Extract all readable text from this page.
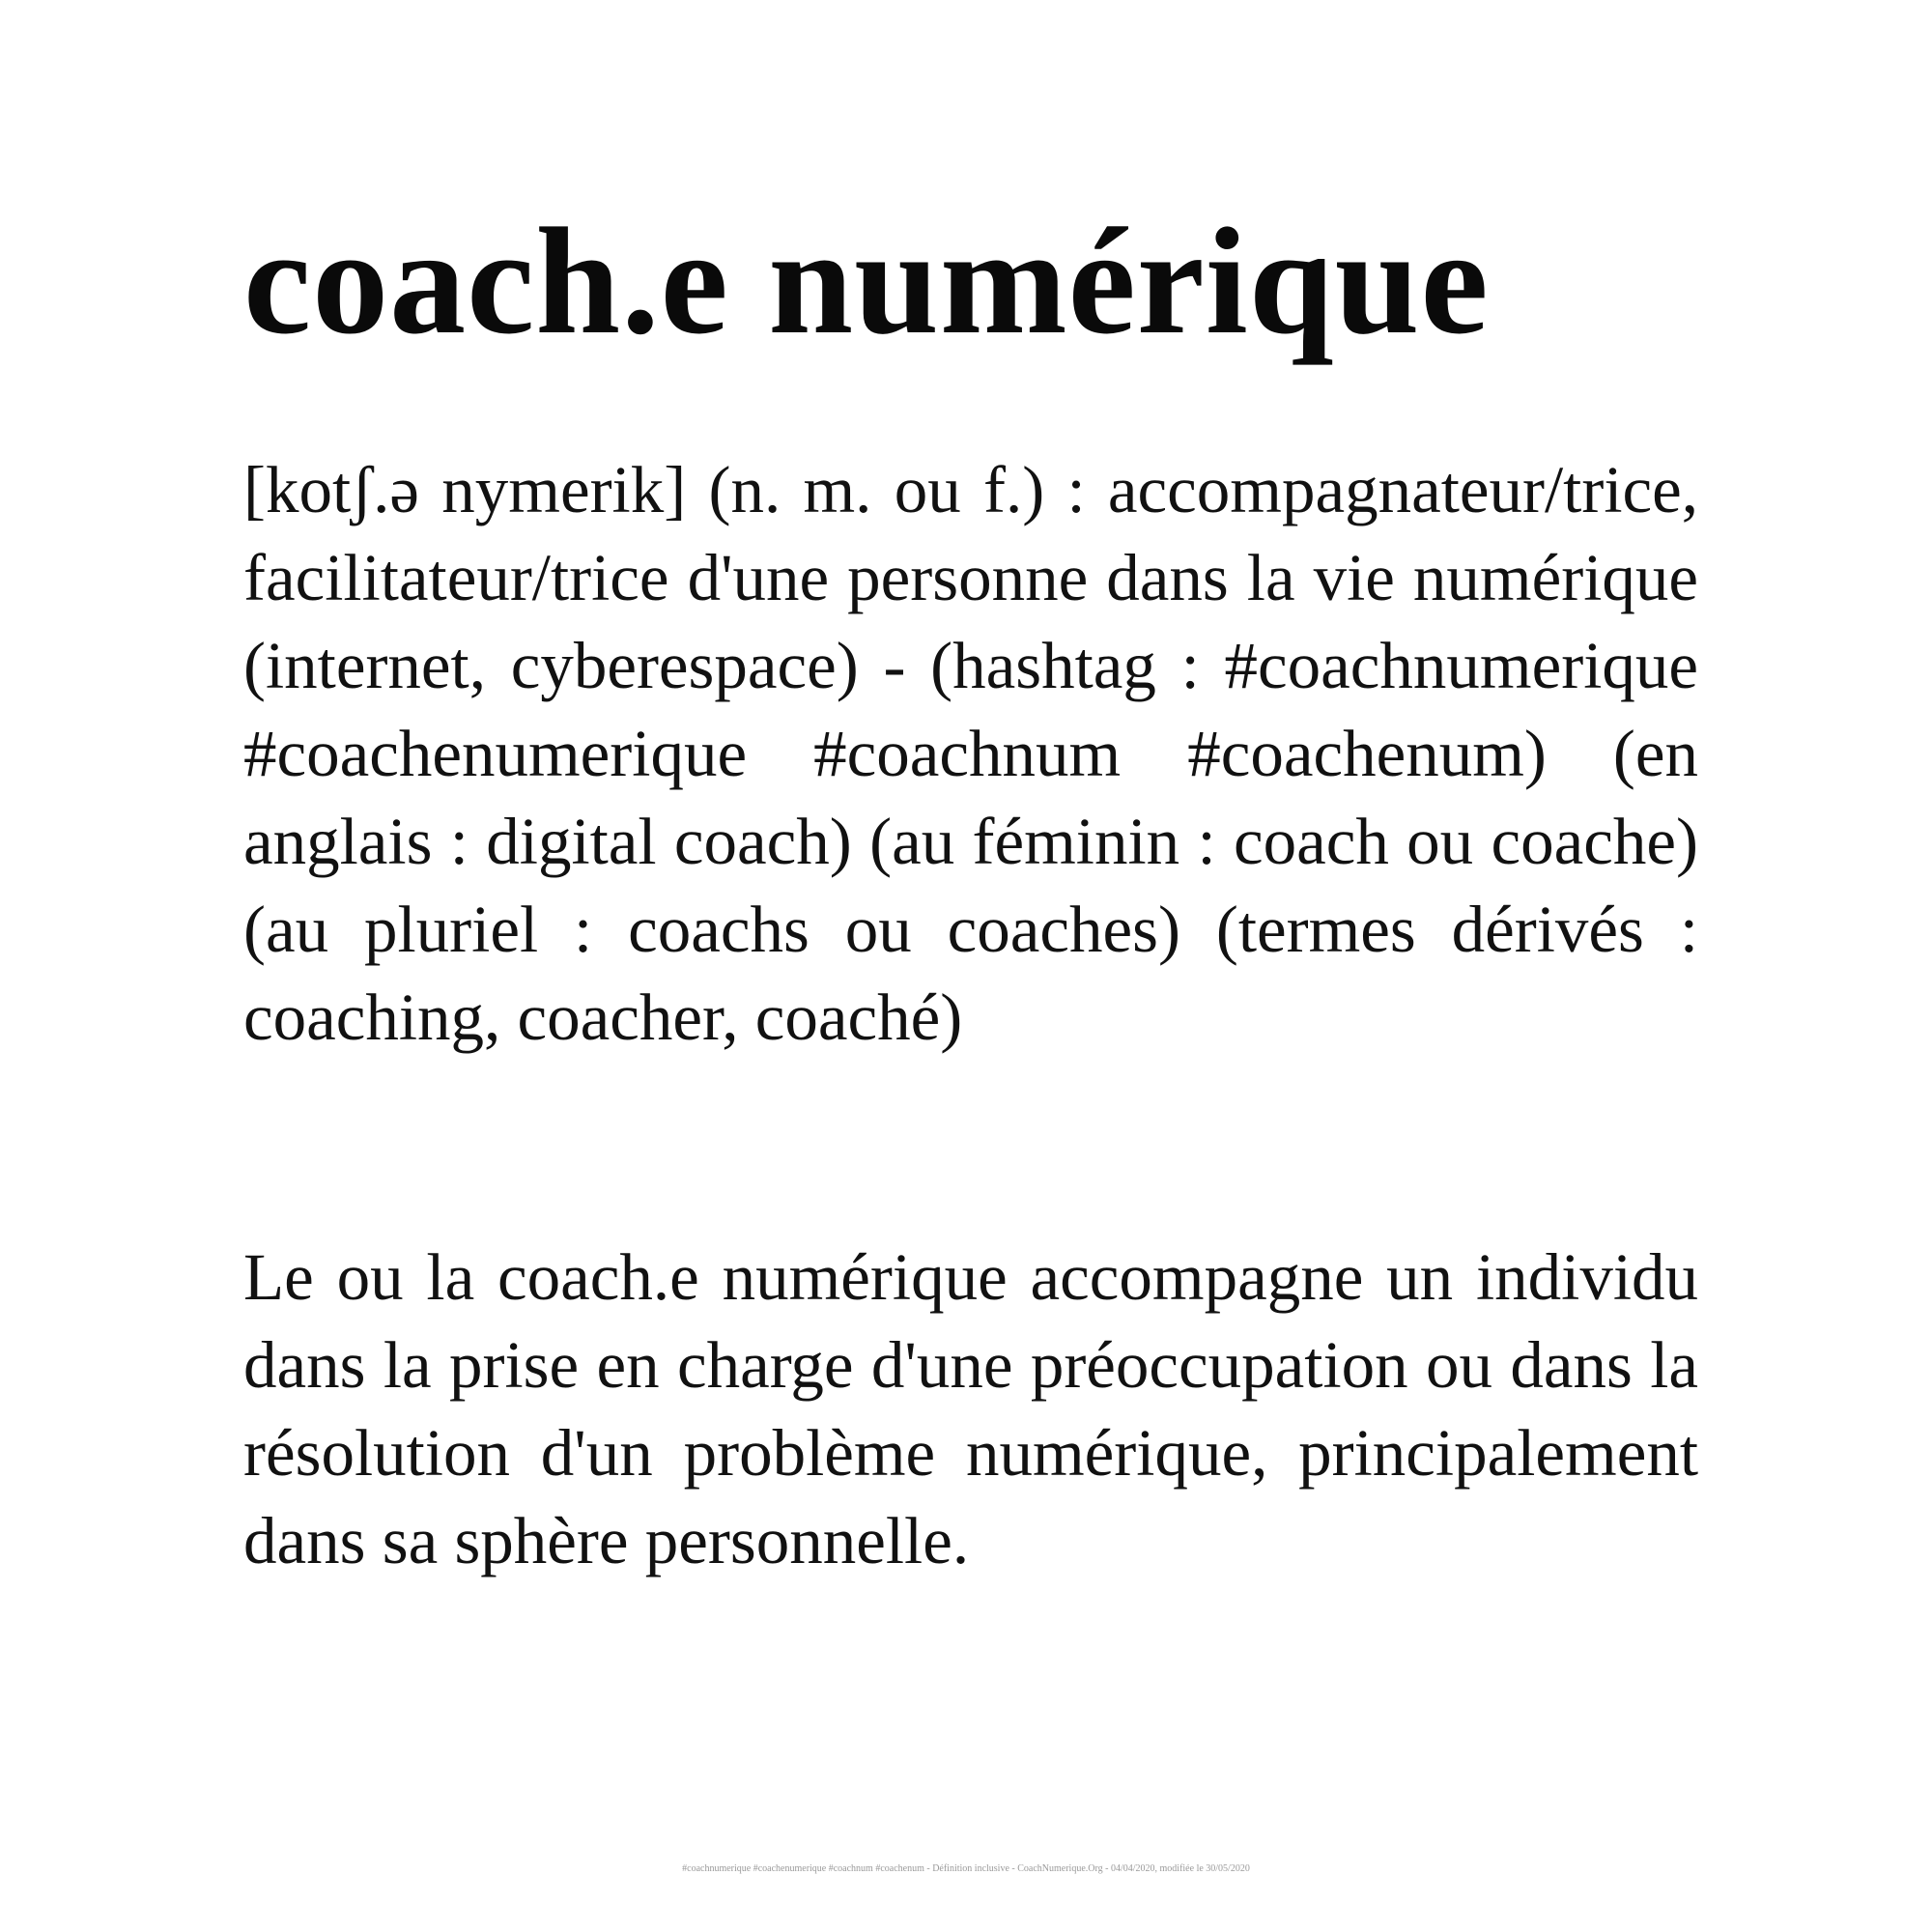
coach.e numérique

[kotʃ.ə nymerik] (n. m. ou f.) : accompagnateur/trice, facilitateur/trice d'une personne dans la vie numérique (internet, cyberespace) - (hashtag : #coachnumerique #coachenumerique #coachnum #coachenum) (en anglais : digital coach) (au féminin : coach ou coache) (au pluriel : coachs ou coaches) (termes dérivés : coaching, coacher, coaché)

Le ou la coach.e numérique accompagne un individu dans la prise en charge d'une préoccupation ou dans la résolution d'un problème numérique, principalement dans sa sphère personnelle.

#coachnumerique #coachenumerique #coachnum #coachenum - Définition inclusive - CoachNumerique.Org - 04/04/2020, modifiée le 30/05/2020
